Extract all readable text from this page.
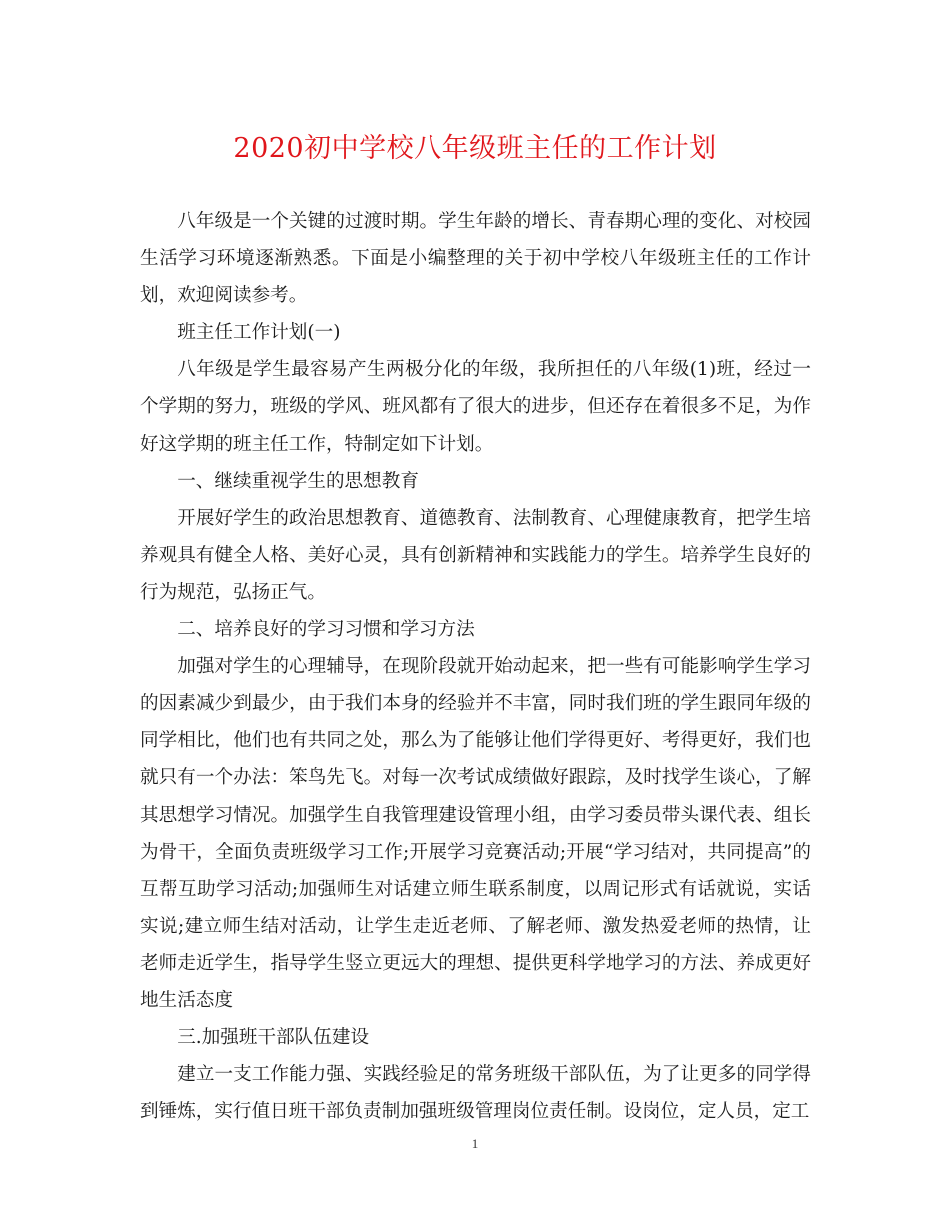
2020初中学校八年级班主任的工作计划

八年级是一个关键的过渡时期。学生年龄的增长、青春期心理的变化、对校园生活学习环境逐渐熟悉。下面是小编整理的关于初中学校八年级班主任的工作计划，欢迎阅读参考。

班主任工作计划(一)

八年级是学生最容易产生两极分化的年级，我所担任的八年级(1)班，经过一个学期的努力，班级的学风、班风都有了很大的进步，但还存在着很多不足，为作好这学期的班主任工作，特制定如下计划。

一、继续重视学生的思想教育

开展好学生的政治思想教育、道德教育、法制教育、心理健康教育，把学生培养观具有健全人格、美好心灵，具有创新精神和实践能力的学生。培养学生良好的行为规范，弘扬正气。

二、培养良好的学习习惯和学习方法

加强对学生的心理辅导，在现阶段就开始动起来，把一些有可能影响学生学习的因素减少到最少，由于我们本身的经验并不丰富，同时我们班的学生跟同年级的同学相比，他们也有共同之处，那么为了能够让他们学得更好、考得更好，我们也就只有一个办法：笨鸟先飞。对每一次考试成绩做好跟踪，及时找学生谈心，了解其思想学习情况。加强学生自我管理建设管理小组，由学习委员带头课代表、组长为骨干，全面负责班级学习工作;开展学习竞赛活动;开展“学习结对，共同提高”的互帮互助学习活动;加强师生对话建立师生联系制度，以周记形式有话就说，实话实说;建立师生结对活动，让学生走近老师、了解老师、激发热爱老师的热情，让老师走近学生，指导学生竖立更远大的理想、提供更科学地学习的方法、养成更好地生活态度

三.加强班干部队伍建设

建立一支工作能力强、实践经验足的常务班级干部队伍，为了让更多的同学得到锤炼，实行值日班干部负责制加强班级管理岗位责任制。设岗位，定人员，定工

1
